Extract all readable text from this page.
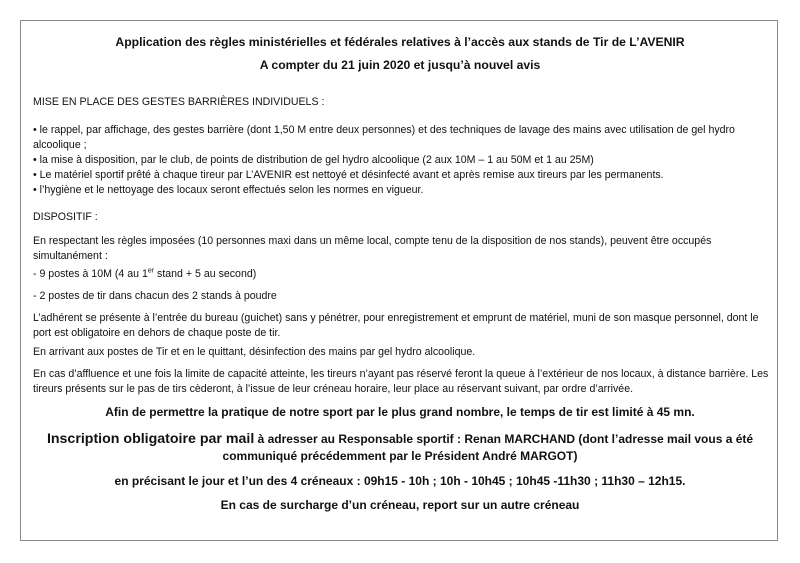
Application des règles ministérielles et fédérales relatives à l’accès aux stands de Tir de L’AVENIR

A compter du 21 juin 2020 et jusqu’à nouvel avis

MISE EN PLACE DES GESTES BARRIÈRES INDIVIDUELS :

• le rappel, par affichage, des gestes barrière (dont 1,50 M entre deux personnes) et des techniques de lavage des mains avec utilisation de gel hydro alcoolique ;
• la mise à disposition, par le club, de points de distribution de gel hydro alcoolique (2 aux 10M – 1 au 50M et 1 au 25M)
• Le matériel sportif prêté à chaque tireur par L’AVENIR est nettoyé et désinfecté avant et après remise aux tireurs par les permanents.
• l’hygiène et le nettoyage des locaux seront effectués selon les normes en vigueur.

DISPOSITIF :

En respectant les règles imposées (10 personnes maxi dans un même local, compte tenu de la disposition de nos stands), peuvent être occupés simultanément :

- 9 postes à 10M (4 au 1er stand + 5 au second)

- 2 postes de tir dans chacun des 2 stands à poudre

L’adhérent se présente à l’entrée du bureau (guichet) sans y pénétrer, pour enregistrement et emprunt de matériel, muni de son masque personnel, dont le port est obligatoire en dehors de chaque poste de tir.

En arrivant aux postes de Tir et en le quittant, désinfection des mains par gel hydro alcoolique.

En cas d’affluence et une fois la limite de capacité atteinte, les tireurs n’ayant pas réservé feront la queue à l’extérieur de nos locaux, à distance barrière. Les tireurs présents sur le pas de tirs cèderont, à l’issue de leur créneau horaire, leur place au réservant suivant, par ordre d’arrivée.

Afin de permettre la pratique de notre sport par le plus grand nombre, le temps de tir est limité à 45 mn.

Inscription obligatoire par mail à adresser au Responsable sportif : Renan MARCHAND (dont l’adresse mail vous a été communiqué précédemment par le Président André MARGOT)

en précisant le jour et l’un des 4 créneaux : 09h15 - 10h ; 10h - 10h45 ; 10h45 -11h30 ; 11h30 – 12h15.

En cas de surcharge d’un créneau, report sur un autre créneau
